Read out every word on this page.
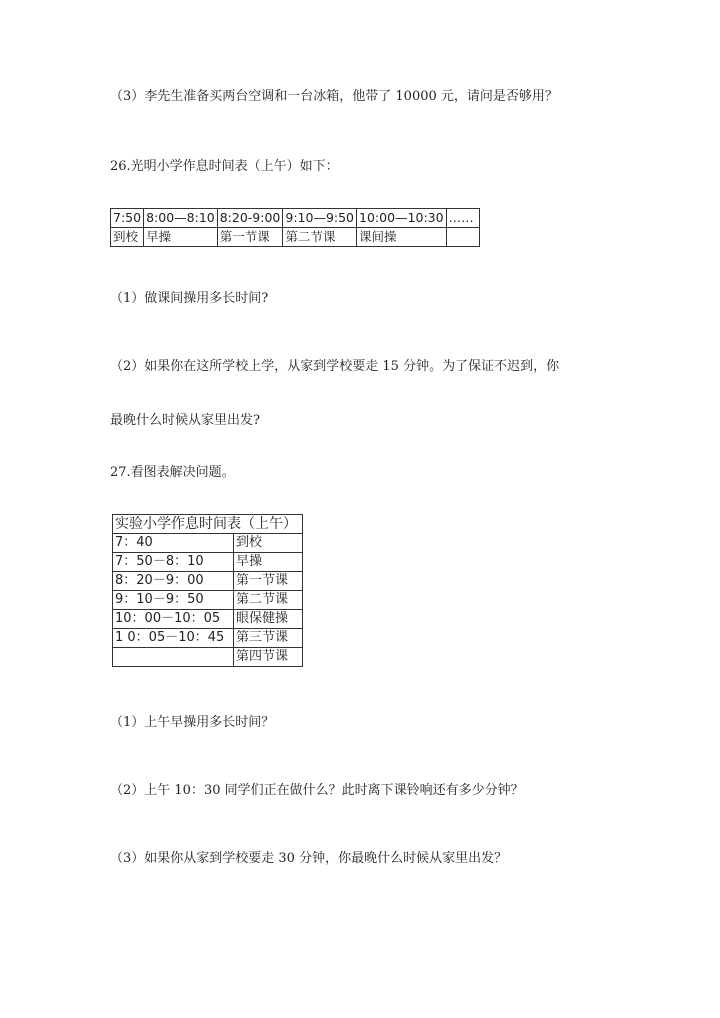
（3）李先生准备买两台空调和一台冰箱，他带了 10000 元，请问是否够用？
26.光明小学作息时间表（上午）如下：
7:50	8:00—8:10	8:20-9:00	9:10—9:50	10:00—10:30	……
到校	早操	第一节课	第二节课	课间操	
（1）做课间操用多长时间?
（2）如果你在这所学校上学，从家到学校要走 15 分钟。为了保证不迟到，你
最晚什么时候从家里出发?
27.看图表解决问题。
实验小学作息时间表（上午）	
7：40	到校
7：50－8：10	早操
8：20－9：00	第一节课
9：10－9：50	第二节课
10：00－10：05	眼保健操
1 0：05－10：45	第三节课
	第四节课
（1）上午早操用多长时间？
（2）上午 10：30 同学们正在做什么？此时离下课铃响还有多少分钟？
（3）如果你从家到学校要走 30 分钟，你最晚什么时候从家里出发？
